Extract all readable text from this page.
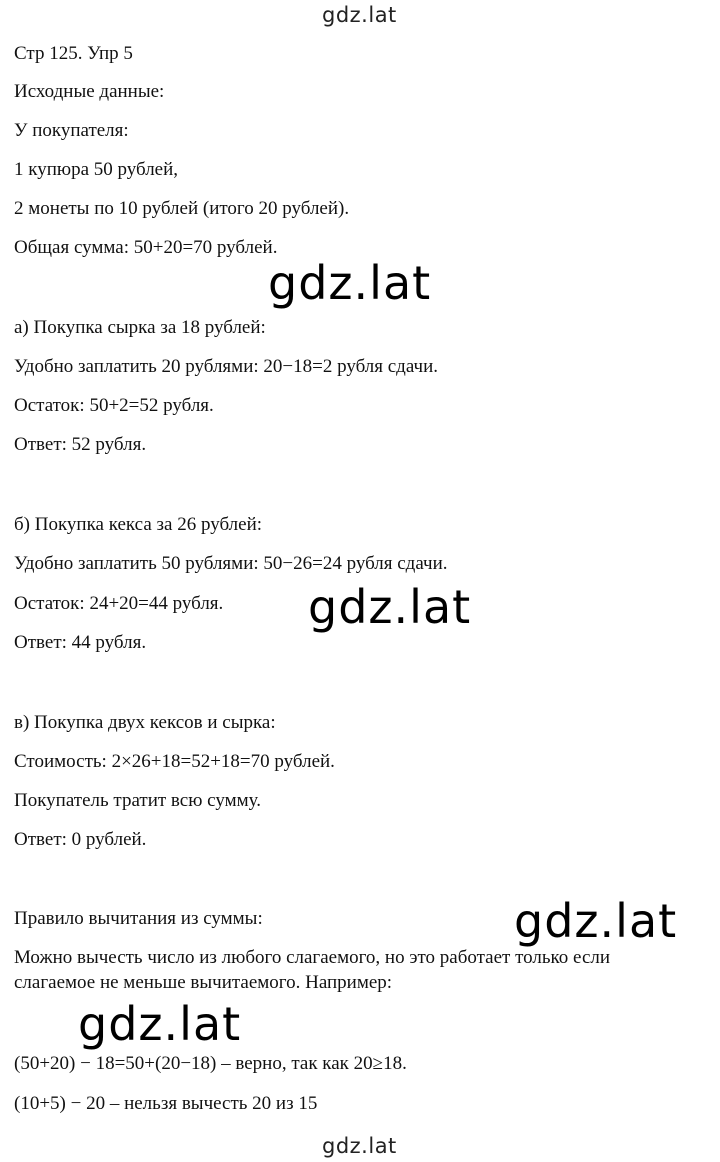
gdz.lat
Стр 125. Упр 5
Исходные данные:
У покупателя:
1 купюра 50 рублей,
2 монеты по 10 рублей (итого 20 рублей).
Общая сумма: 50+20=70 рублей.
gdz.lat
а) Покупка сырка за 18 рублей:
Удобно заплатить 20 рублями: 20−18=2 рубля сдачи.
Остаток: 50+2=52 рубля.
Ответ: 52 рубля.
б) Покупка кекса за 26 рублей:
Удобно заплатить 50 рублями: 50−26=24 рубля сдачи.
Остаток: 24+20=44 рубля. gdz.lat
Ответ: 44 рубля.
в) Покупка двух кексов и сырка:
Стоимость: 2×26+18=52+18=70 рублей.
Покупатель тратит всю сумму.
Ответ: 0 рублей.
Правило вычитания из суммы:	gdz.lat
Можно вычесть число из любого слагаемого, но это работает только если
слагаемое не меньше вычитаемого. Например:
gdz.lat
(50+20) − 18=50+(20−18) – верно, так как 20≥18.
(10+5) − 20 – нельзя вычесть 20 из 15
gdz.lat
